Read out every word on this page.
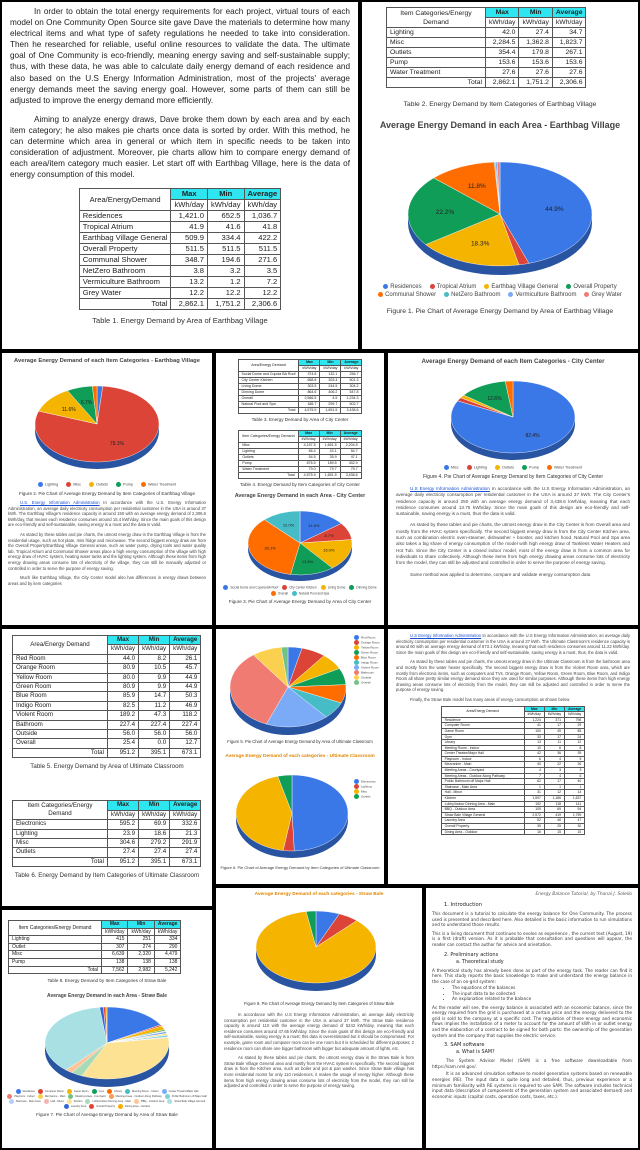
In order to obtain the total energy requirements for each project, virtual tours of each model on One Community Open Source site gave Dave the materials to determine how many electrical items and what type of safety regulations he needed to take into consideration. Then he researched for reliable, useful online resources to validate the data. The ultimate goal of One Community is eco-friendly, meaning energy saving and self-sustainable supply; thus, with these data, he was able to calculate daily energy demand of each residence and also based on the U.S Energy Information Administration, most of the projects' average energy demands meet the saving energy goal. However, some parts of them can still be adjusted to improve the energy demand more efficiently.

Aiming to analyze energy draws, Dave broke them down by each area and by each item category; he also makes pie charts once data is sorted by order. With this method, he can determine which area in general or which item in specific needs to be taken into consideration of adjustment. Moreover, pie charts allow him to compare energy demand of each area/item category much easier. Let start off with Earthbag Village, here is the data of energy consumption of this model.

Area/EnergyDemand	Max	Min	Average
	kWh/day	kWh/day	kWh/day
Residences	1,421.0	652.5	1,036.7
Tropical Atrium	41.9	41.6	41.8
Earthbag Village General	509.9	334.4	422.2
Overall Property	511.5	511.5	511.5
Communal Shower	348.7	194.6	271.6
NetZero Bathroom	3.8	3.2	3.5
Vermiculture Bathroom	13.2	1.2	7.2
Grey Water	12.2	12.2	12.2
Total	2,862.1	1,751.2	2,306.6
Table 1. Energy Demand by Area of Earthbag Village
Item Categories/Energy Demand	Max	Min	Average
	kWh/day	kWh/day	kWh/day
Lighting	42.0	27.4	34.7
Misc	2,284.5	1,362.8	1,823.7
Outlets	354.4	179.8	267.1
Pump	153.6	153.6	153.6
Water Treatment	27.6	27.6	27.6
Total	2,862.1	1,751.2	2,306.6
Table 2. Energy Demand by Item Categories of Earthbag Village
Average Energy Demand in each Area - Earthbag Village
44.9%
18.3%
22.2%
11.8%
Residences	Tropical Atrium	Earthbag Village General	Overall Property
Communal Shower	NetZero Bathroom	Vermiculture Bathroom	Grey Water
Figure 1. Pie Chart of Average Energy Demand by Area of Earthbag Village
Average Energy Demand of each Item Categories - Earthbag Village
79.1%
11.6%
6.7%
Lighting	Misc	Outlets	Pump	Water Treatment
Figure 2. Pie Chart of Average Energy Demand by Item Categories of Earthbag Village

U.S. Energy Information Administration In accordance with the U.S. Energy Information Administration, an average daily electricity consumption per residential customer in the USA is around 37 kWh. The Earthbag Village's residence capacity is around 150 with an average energy demand of 2,306.6 kWh/day, that means each residence consumes around 15.4 kWh/day. Since the main goals of this design are eco-friendly and self-sustainable, saving energy is a must and the data is valid.

As stated by these tables and pie charts, the utmost energy draw in the Earthbag Village is from the residential usage, such as hot plate, mini fridge and microwave. The second biggest energy draw are from the Overall Property/Earthbag Village General areas, such as water pump, drying tools and water quality lab. Tropical Atrium and Communal Shower areas place a high energy consumption of the village with high energy draw of HVAC system, heating water tanks and the lighting system. Although these items from high energy drawing areas consume lots of electricity of the village, they can still be manually adjusted or controlled in order to serve the purpose of energy saving.

Much like Earthbag Village, the City Center model also has differences in energy draws between areas and by item categories

Area/Energy Demand	Max	Min	Average
	kWh/day	kWh/day	kWh/day
Social Dome and Cupola BA Roof	374.8	132.1	256.7
City Center Kitchen	658.8	303.4	501.3
Living Dome	303.5	244.5	304.2
Dinning Dome	864.6	406.2	547.8
Overall	2,566.5	4.5	1,234.3
Natural Pool and Spa	186.7	299.7	502.7
Total	4,575.9	1,651.5	3,438.6
Table 3. Energy Demand by Area of City Center
Item Categories/Energy Demand	Max	Min	Average
	kWh/day	kWh/day	kWh/day
Misc	4,157.5	1,651.5	2,204.5
Lighting	66.4	43.1	54.7
Outlets	54.5	35.9	47.1
Pump	876.5	189.5	432.9
Water Treatment	79.0	79.7	79.7
Total	4,575.9	1,651.5	3,438.6
Table 4. Energy Demand by Item Categories of City Center
Average Energy Demand in each Area - City Center
14.6%
8.7%
16.0%
13.6%
35.1%
12.0%
Social Dome and Cupola BA Roof	City Center Kitchen	Living Dome	Dinning Dome
Overall	Natural Pool and Spa
Figure 3. Pie Chart of Average Energy Demand by Area of City Center
Average Energy Demand of each Item Categories - City Center
82.4%
12.6%
Misc	Lighting	Outlets	Pump	Water Treatment
Figure 4. Pie Chart of Average Energy Demand by Item Categories of City Center

U.S Energy Information Administration In accordance with the U.S Energy Information Administration, an average daily electricity consumption per residential customer in the USA is around 37 kWh. The City Center's residence capacity is around 250 with an average energy demand of 3,438.6 kWh/day, meaning that each residence consumes around 13.75 kWh/day. Since the main goals of this design are eco-friendly and self-sustainable, saving energy is a must, thus the data is valid.

As stated by these tables and pie charts, the utmost energy draw in the City Center is from Overall area and mostly from the HVAC system specifically. The second biggest energy draw is from the City Center Kitchen area, such as combination electric oven-steamer, dishwasher + booster, and kitchen hood. Natural Pool and Spa area also takes a big share of energy consumption of the model with high energy draw of Tankless Water Heaters and Hot Tub. Since the City Center is a closed indoor model, most of the energy draw is from a common area for individuals to share collectively. Although these items from high energy drawing areas consume lots of electricity from the model, they can still be adjusted and controlled in order to serve the purpose of energy saving.

Same method was applied to determine, compare and validate energy consumption data

Area/Energy Demand	Max	Min	Average
	kWh/day	kWh/day	kWh/day
Red Room	44.0	8.2	26.1
Orange Room	80.9	10.5	45.7
Yellow Room	80.0	9.9	44.9
Green Room	80.9	9.9	44.9
Blue Room	85.9	14.7	50.3
Indigo Room	82.5	11.2	46.9
Violent Room	189.2	47.3	118.2
Bathroom	227.4	227.4	227.4
Outside	56.0	56.0	56.0
Overall	25.4	0.0	12.7
Total	951.2	395.1	673.1
Table 5. Energy Demand by Area of Ultimate Classroom
Item Categories/Energy Demand	Max	Min	Average
	kWh/day	kWh/day	kWh/day
Electronics	595.2	69.9	332.6
Lighting	23.9	18.6	21.3
Misc	304.6	279.2	291.9
Outlets	27.4	27.4	27.4
Total	951.2	395.1	673.1
Table 6. Energy Demand by Item Categories of Ultimate Classroom
Red Room
Orange Room
Yellow Room
Green Room
Blue Room
Indigo Room
Violent Room
Bathroom
Outside
Overall
Figure 5. Pie Chart of Average Energy Demand by Area of Ultimate Classroom
Average Energy Demand of each categories - Ultimate Classroom
Electronics
Lighting
Misc
Outlets
Figure 6. Pie Chart of Average Energy Demand by Item Categories of Ultimate Classroom

U.S Energy Information Administration In accordance with the U.S Energy Information Administration, an average daily electricity consumption per residential customer in the USA is around 37 kWh. The Ultimate Classroom's residence capacity is around 60 with an average energy demand of 673.1 kWh/day, meaning that each residence consumes around 11.22 kWh/day. Since the main goals of this design are eco-friendly and self-sustainable, saving energy is a must, thus, the data is valid.

As stated by these tables and pie charts, the utmost energy draw in the Ultimate Classroom is from the bathroom area and mostly from the water heater specifically. The second biggest energy draw is from the Violent Room area, which are mostly from electronic items, such as computers and TVs. Orange Room, Yellow Room, Green Room, Blue Room, and Indigo Room all share pretty similar energy demand since they are used for similar purposes. Although these items from high energy drawing areas consume lots of electricity from the model, they can still be adjusted and controlled in order to serve the purpose of energy saving.

Finally, the Straw Bale model has many areas of energy consumption as shown below

Area/Energy Demand	Max	Min	Average
	kWh/day	kWh/day	kWh/day
Residence	1,224	371	798
Computer Room	41	17	29
Game Room	100	49	85
Gym	33	17	24
Library	13	11	12
Meeting Room - Indoor	10	6	8
Center Theatre/Major Hall	42	36	39
Playroom - Indoor	6	4	5
Mezzanine - Main	40	22	26
Meeting Areas - Courtyard	4	3	3
Meeting Areas - Outdoor Along Pathway	7	4	6
Public Bathroom off Major Hall	62	17	40
Staircase - Main Area	1	1	1
Hall - Minor	31	12	14
Kitchen	1,597	1,186	1,637
Lobby/Indoor Dinning Area - Main	152	118	141
BBQ - Outdoor Area	109	69	94
Straw Bale Village General	2,572	419	1,759
Laundry Area	52	46	47
Overall Property	35	25	30
Dining Area - Outdoor	16	15	15
Item Categories/Energy Demand	Max	Min	Average
	kWh/day	kWh/day	kWh/day
Lighting	415	251	334
Outlet	307	274	290
Misc	6,639	2,320	4,479
Pump	138	138	138
Total	7,562	2,982	5,242
Table 8. Energy Demand by Item Categories of Straw Bale
Average Energy Demand in each Area - Straw Bale
Residence	Computer Room	Game Room	Gym	Library	Meeting Room - Indoor	Center Theatre/Major Hall
Playroom - Indoor	Mezzanine - Main	Meeting Areas - Courtyard	Meeting Areas - Outdoor Along Pathway	Public Bathroom off Major Hall
Staircase - Main Area	Hall - Minor	Kitchen	Lobby/Indoor Dinning Area - Main	BBQ - Outdoor Area	Straw Bale Village General
Laundry Area	Overall Property	Dining Area - Outdoor
Figure 7. Pie Chart of Average Energy Demand by Area of Straw Bale
Average Energy Demand of each categories - Straw Bale
Figure 8. Pie Chart of Average Energy Demand by Item Categories of Straw Bale

In accordance with the U.S Energy Information Administration, an average daily electricity consumption per residential customer in the USA is around 37 kWh. The Straw Bale residence capacity is around 110 with the average energy demand of 5242 kWh/day, meaning that each residence consumes around 47.65 kWh/day. Since the main goals of this design are eco-friendly and self-sustainable, saving energy is a must; this data is overestimated but it should be compromised. For example, game room and computer room can be one room but it is scheduled for different purposes; 2 residence room can share one bigger bathroom with bigger but adequate amount of lights, etc.

As stated by these tables and pie charts, the utmost energy draw in the Straw Bale is from Straw Bale Village General area and mostly from the HVAC system in specifically. The second biggest draw is from the Kitchen area, such as boiler and pot & pan washer. Since Straw Bale village has more residential rooms for only 110 residences, it makes the usage of energy higher. Although these items from high energy drawing areas consume lots of electricity from the model, they can still be adjusted and controlled in order to serve the purpose of energy saving.

Energy Balance Tutorial, by Thanai J. Soleilo
1. Introduction

This document is a tutorial to calculate the energy balance for One Community. The process used is presented and described here. Also detailed is the basic information to run simulations and to understand those results.

This is a living document that continues to evolve as experience , the current text (August, 19) is a first (draft) version. As it is probable that consultation and questions will appear, the reader can contact the author for advice and orientation.

2. Preliminary actions
a. Theoretical study

A theoretical study has already been done as part of the energy task. The reader can find it here. This study reports the basic knowledge to make and understand the energy balance in the case of an on-grid system:

• The equations of the balances
• The input data to be collected
• An explanation related to the balance

As the reader will see, the energy balance is associated with an economic balance, since the energy required from the grid is purchased at a certain price and the energy delivered to the grid is sold to the company at a specific cost. The regulation of these energy and economic flows implies the installation of a meter to account for the amount of kWh in or outlet energy and the elaboration of a contract to be signed for both parts: the ownership of the generation system and the company that supplies the electric service.

3. SAM software
a. What is SAM?

The System Advisor Model (SAM) is a free software downloadable from https://sam.nrel.gov/.

It is an advanced simulation software to model generation systems based on renewable energies (RE). The input data is quite long and detailed, thus, previous experience or a minimum familiarity with RE systems is required to use SAM. The software includes technical input data (description of components of the generation system and associated demand) and economic inputs (capital costs, operation costs, taxes, etc.).
